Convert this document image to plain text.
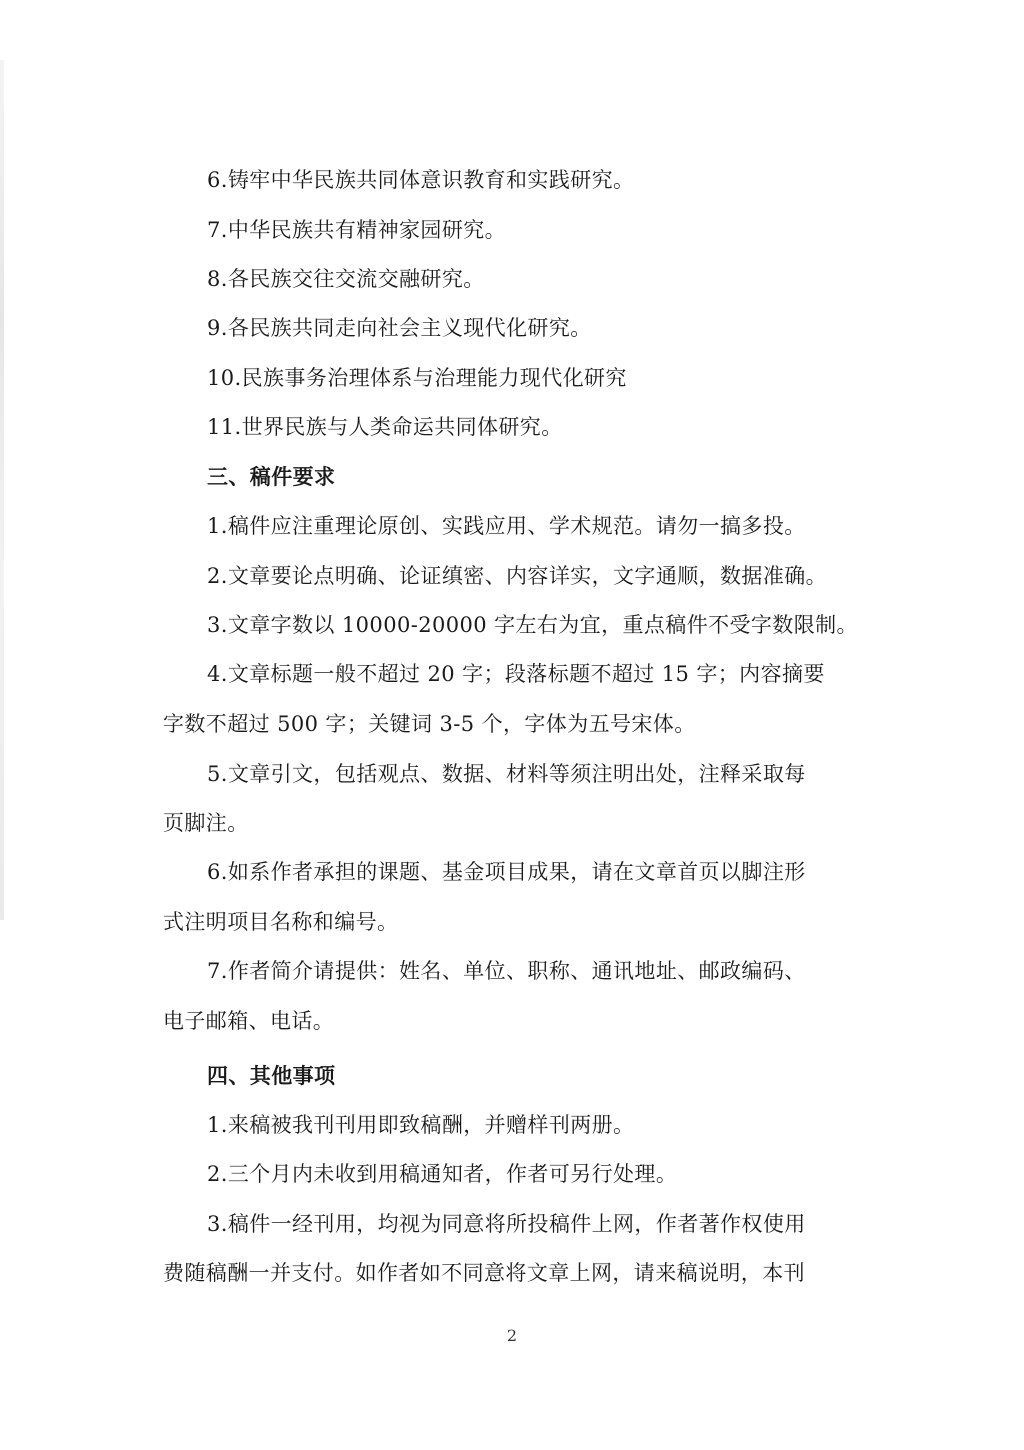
6.铸牢中华民族共同体意识教育和实践研究。
7.中华民族共有精神家园研究。
8.各民族交往交流交融研究。
9.各民族共同走向社会主义现代化研究。
10.民族事务治理体系与治理能力现代化研究
11.世界民族与人类命运共同体研究。
三、稿件要求
1.稿件应注重理论原创、实践应用、学术规范。请勿一搞多投。
2.文章要论点明确、论证缜密、内容详实，文字通顺，数据准确。
3.文章字数以 10000-20000 字左右为宜，重点稿件不受字数限制。
4.文章标题一般不超过 20 字；段落标题不超过 15 字；内容摘要
字数不超过 500 字；关键词 3-5 个，字体为五号宋体。
5.文章引文，包括观点、数据、材料等须注明出处，注释采取每
页脚注。
6.如系作者承担的课题、基金项目成果，请在文章首页以脚注形
式注明项目名称和编号。
7.作者简介请提供：姓名、单位、职称、通讯地址、邮政编码、
电子邮箱、电话。
四、其他事项
1.来稿被我刊刊用即致稿酬，并赠样刊两册。
2.三个月内未收到用稿通知者，作者可另行处理。
3.稿件一经刊用，均视为同意将所投稿件上网，作者著作权使用
费随稿酬一并支付。如作者如不同意将文章上网，请来稿说明，本刊
2
